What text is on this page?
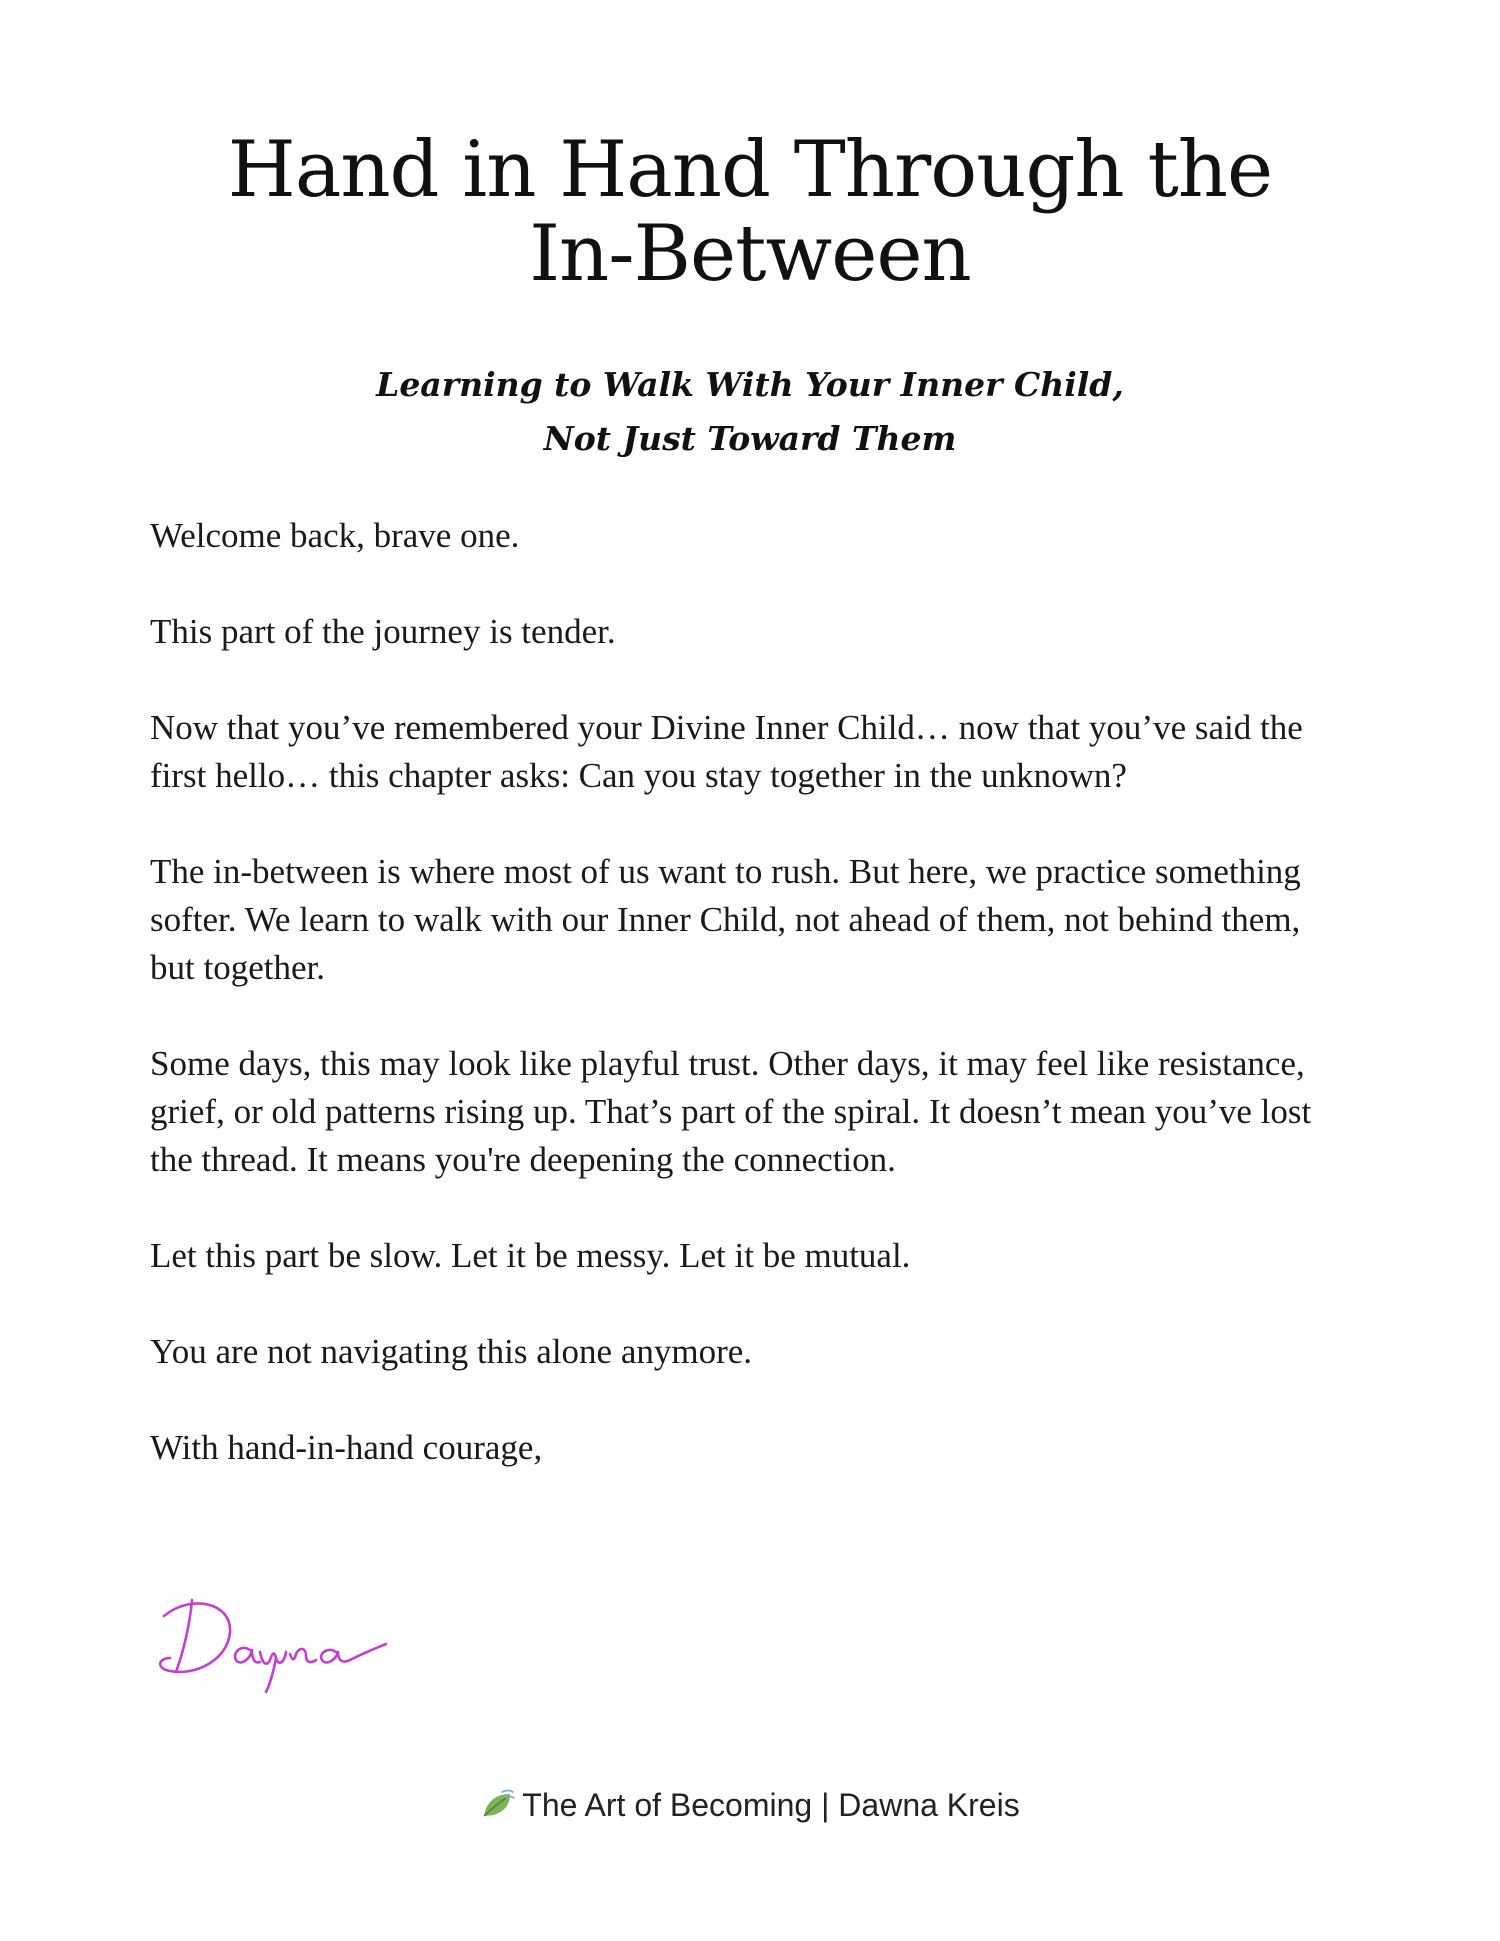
Hand in Hand Through the
In-Between
Learning to Walk With Your Inner Child,
Not Just Toward Them

Welcome back, brave one.

This part of the journey is tender.

Now that you’ve remembered your Divine Inner Child… now that you’ve said the first hello… this chapter asks: Can you stay together in the unknown?

The in-between is where most of us want to rush. But here, we practice something softer. We learn to walk with our Inner Child, not ahead of them, not behind them, but together.

Some days, this may look like playful trust. Other days, it may feel like resistance, grief, or old patterns rising up. That’s part of the spiral. It doesn’t mean you’ve lost the thread. It means you're deepening the connection.

Let this part be slow. Let it be messy. Let it be mutual.

You are not navigating this alone anymore.

With hand-in-hand courage,

The Art of Becoming | Dawna Kreis
